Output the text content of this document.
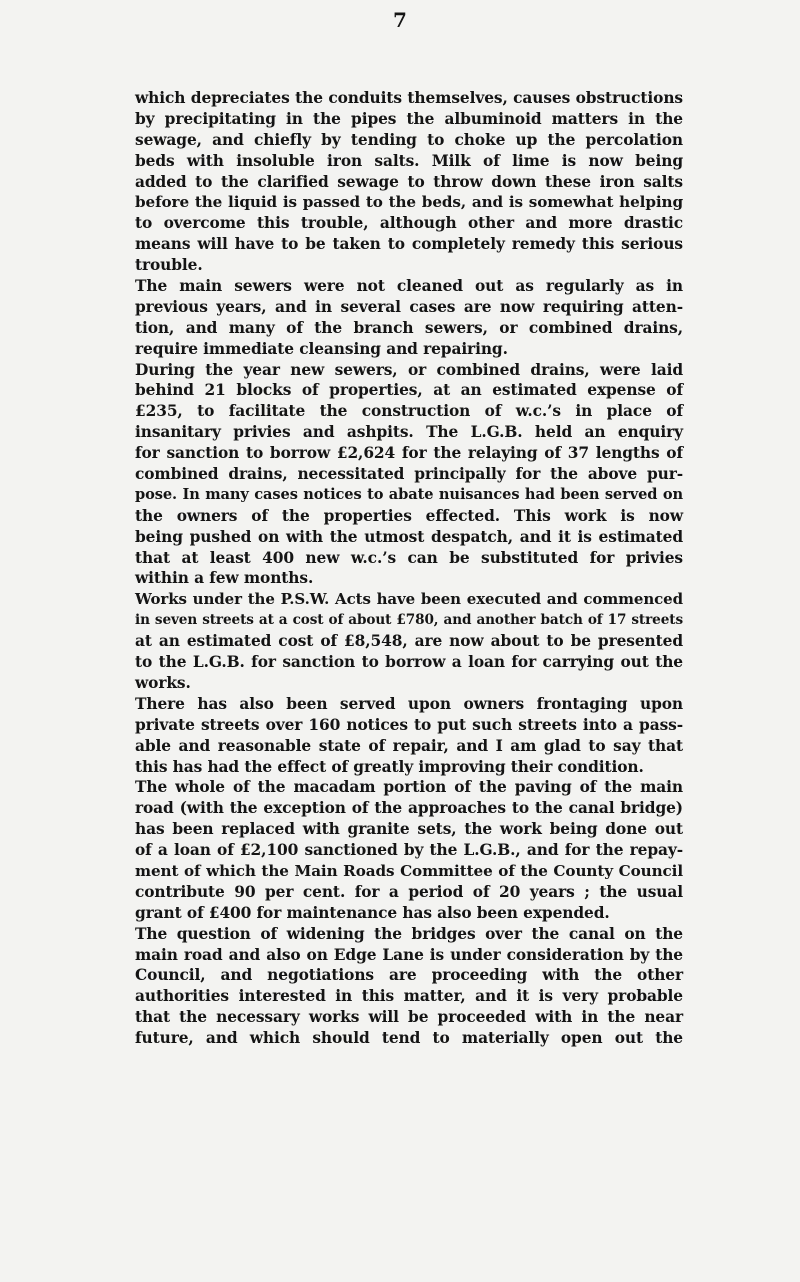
7
which depreciates the conduits themselves, causes obstructions
by precipitating in the pipes the albuminoid matters in the
sewage, and chiefly by tending to choke up the percolation
beds with insoluble iron salts. Milk of lime is now being
added to the clarified sewage to throw down these iron salts
before the liquid is passed to the beds, and is somewhat helping
to overcome this trouble, although other and more drastic
means will have to be taken to completely remedy this serious
trouble.
The main sewers were not cleaned out as regularly as in
previous years, and in several cases are now requiring atten-
tion, and many of the branch sewers, or combined drains,
require immediate cleansing and repairing.
During the year new sewers, or combined drains, were laid
behind 21 blocks of properties, at an estimated expense of
£235, to facilitate the construction of w.c.’s in place of
insanitary privies and ashpits. The L.G.B. held an enquiry
for sanction to borrow £2,624 for the relaying of 37 lengths of
combined drains, necessitated principally for the above pur-
pose. In many cases notices to abate nuisances had been served on
the owners of the properties effected. This work is now
being pushed on with the utmost despatch, and it is estimated
that at least 400 new w.c.’s can be substituted for privies
within a few months.
Works under the P.S.W. Acts have been executed and commenced
in seven streets at a cost of about £780, and another batch of 17 streets
at an estimated cost of £8,548, are now about to be presented
to the L.G.B. for sanction to borrow a loan for carrying out the
works.
There has also been served upon owners frontaging upon
private streets over 160 notices to put such streets into a pass-
able and reasonable state of repair, and I am glad to say that
this has had the effect of greatly improving their condition.
The whole of the macadam portion of the paving of the main
road (with the exception of the approaches to the canal bridge)
has been replaced with granite sets, the work being done out
of a loan of £2,100 sanctioned by the L.G.B., and for the repay-
ment of which the Main Roads Committee of the County Council
contribute 90 per cent. for a period of 20 years ; the usual
grant of £400 for maintenance has also been expended.
The question of widening the bridges over the canal on the
main road and also on Edge Lane is under consideration by the
Council, and negotiations are proceeding with the other
authorities interested in this matter, and it is very probable
that the necessary works will be proceeded with in the near
future, and which should tend to materially open out the
